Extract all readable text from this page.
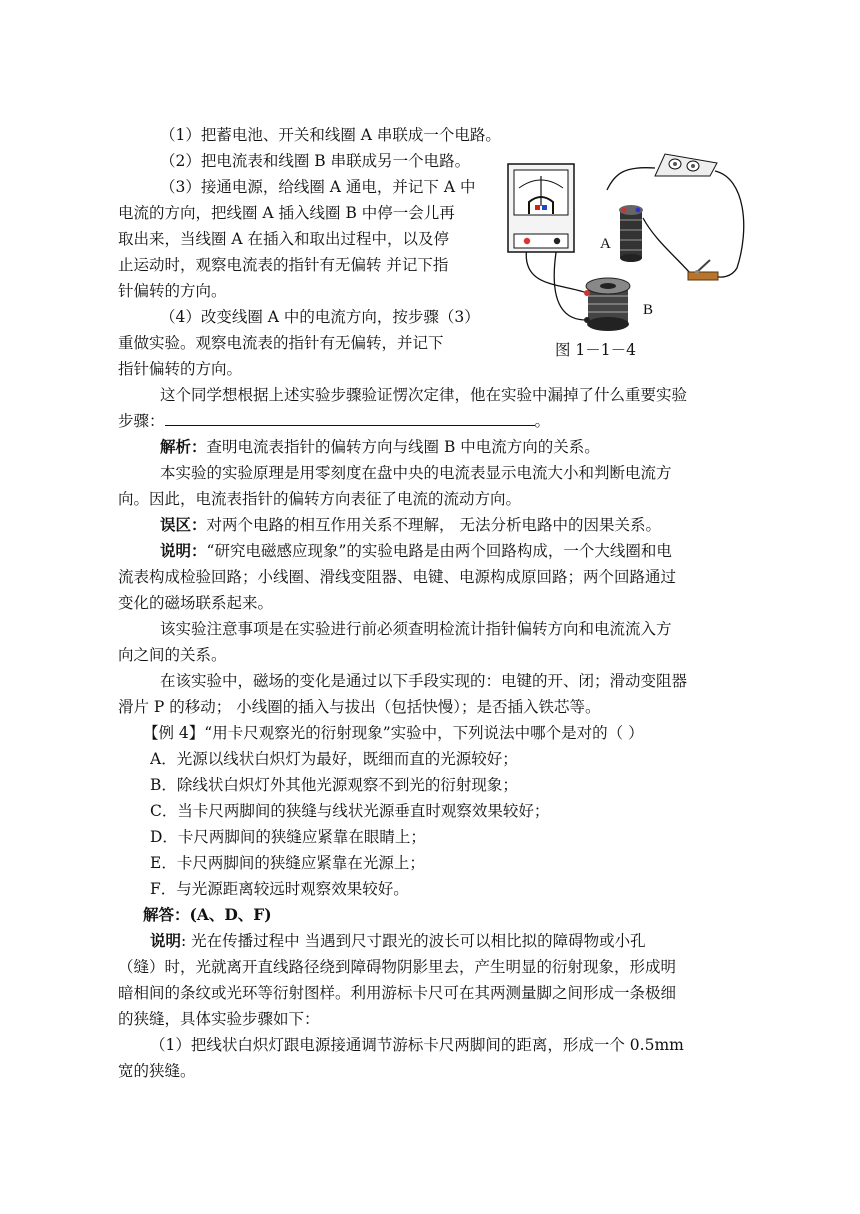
（1）把蓄电池、开关和线圈 A 串联成一个电路。
（2）把电流表和线圈 B 串联成另一个电路。
（3）接通电源，给线圈 A 通电，并记下 A 中
电流的方向，把线圈 A 插入线圈 B 中停一会儿再
取出来，当线圈 A 在插入和取出过程中，以及停
止运动时，观察电流表的指针有无偏转 并记下指
针偏转的方向。
（4）改变线圈 A 中的电流方向，按步骤（3）
重做实验。观察电流表的指针有无偏转，并记下
指针偏转的方向。
A
B
图 1－1－4
这个同学想根据上述实验步骤验证愣次定律，他在实验中漏掉了什么重要实验
步骤：	。
解析：查明电流表指针的偏转方向与线圈 B 中电流方向的关系。
本实验的实验原理是用零刻度在盘中央的电流表显示电流大小和判断电流方
向。因此，电流表指针的偏转方向表征了电流的流动方向。
误区：对两个电路的相互作用关系不理解， 无法分析电路中的因果关系。
说明：“研究电磁感应现象”的实验电路是由两个回路构成，一个大线圈和电
流表构成检验回路；小线圈、滑线变阻器、电键、电源构成原回路；两个回路通过
变化的磁场联系起来。
该实验注意事项是在实验进行前必须查明检流计指针偏转方向和电流流入方
向之间的关系。
在该实验中，磁场的变化是通过以下手段实现的：电键的开、闭；滑动变阻器
滑片 P 的移动； 小线圈的插入与拔出（包括快慢）；是否插入铁芯等。
【例 4】“用卡尺观察光的衍射现象”实验中，下列说法中哪个是对的（ ）
A．光源以线状白炽灯为最好，既细而直的光源较好；
B．除线状白炽灯外其他光源观察不到光的衍射现象；
C．当卡尺两脚间的狭缝与线状光源垂直时观察效果较好；
D．卡尺两脚间的狭缝应紧靠在眼睛上；
E．卡尺两脚间的狭缝应紧靠在光源上；
F．与光源距离较远时观察效果较好。
解答：(A、D、F)
说明: 光在传播过程中 当遇到尺寸跟光的波长可以相比拟的障碍物或小孔
（缝）时，光就离开直线路径绕到障碍物阴影里去，产生明显的衍射现象，形成明
暗相间的条纹或光环等衍射图样。利用游标卡尺可在其两测量脚之间形成一条极细
的狭缝，具体实验步骤如下：
（1）把线状白炽灯跟电源接通调节游标卡尺两脚间的距离，形成一个 0.5mm
宽的狭缝。
